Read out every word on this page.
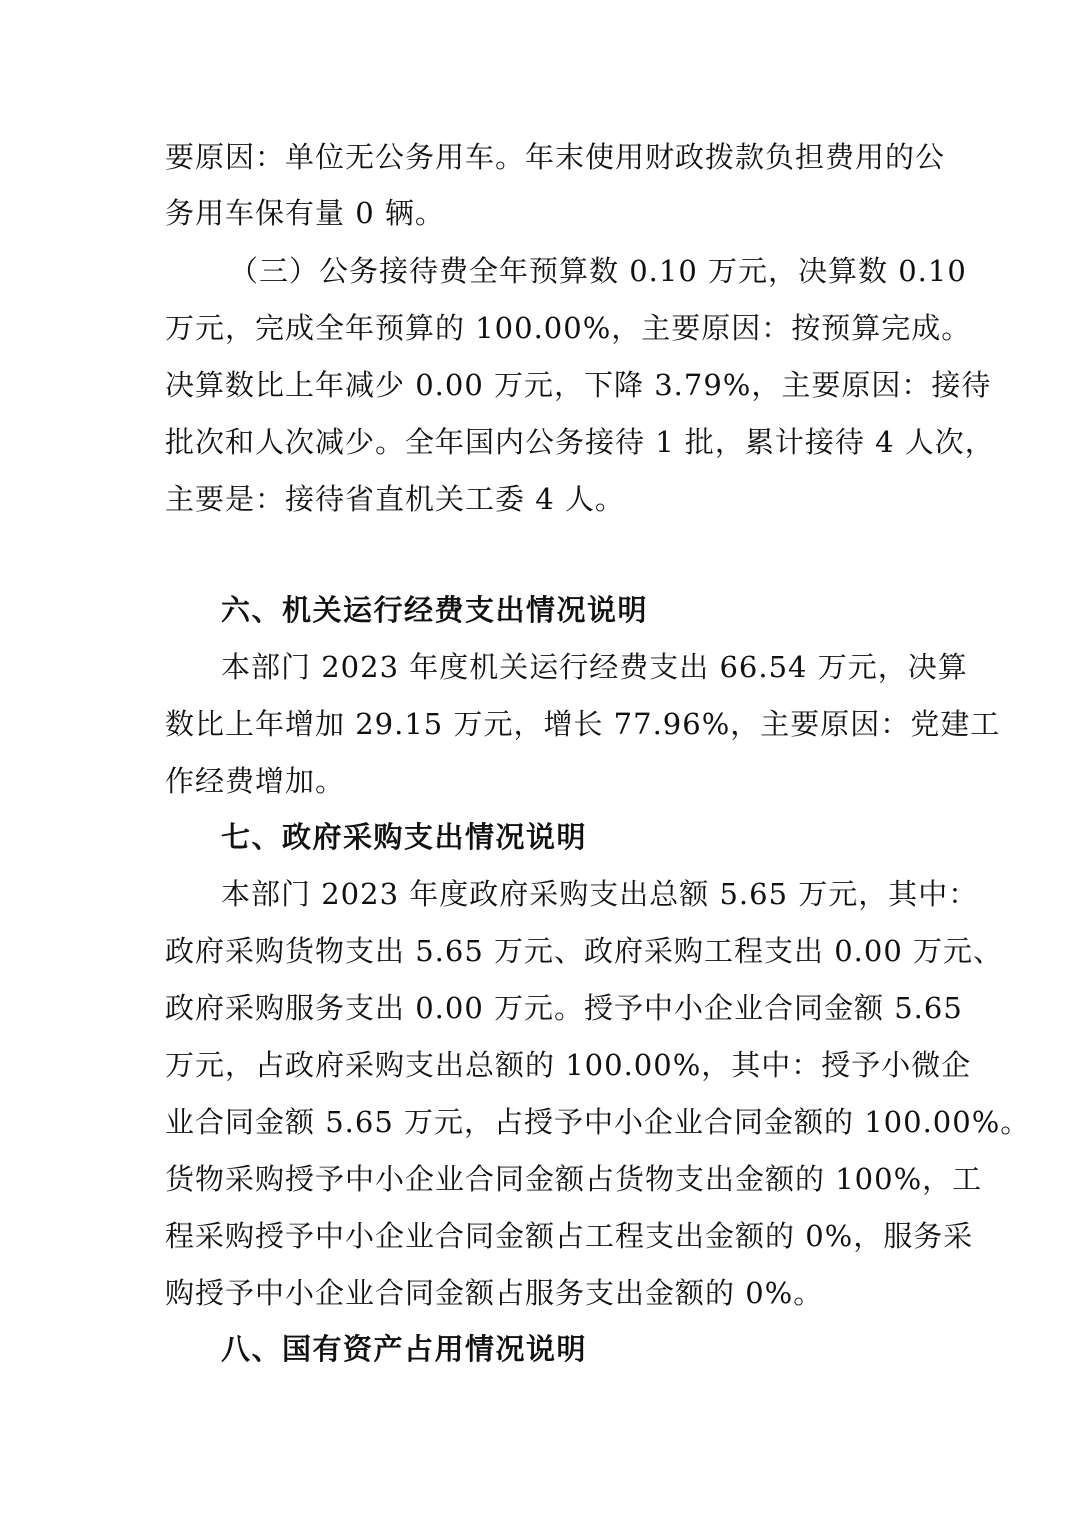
要原因：单位无公务用车。年末使用财政拨款负担费用的公
务用车保有量 0 辆。
（三）公务接待费全年预算数 0.10 万元，决算数 0.10
万元，完成全年预算的 100.00%，主要原因：按预算完成。
决算数比上年减少 0.00 万元，下降 3.79%，主要原因：接待
批次和人次减少。全年国内公务接待 1 批，累计接待 4 人次，
主要是：接待省直机关工委 4 人。
六、机关运行经费支出情况说明
本部门 2023 年度机关运行经费支出 66.54 万元，决算
数比上年增加 29.15 万元，增长 77.96%，主要原因：党建工
作经费增加。
七、政府采购支出情况说明
本部门 2023 年度政府采购支出总额 5.65 万元，其中：
政府采购货物支出 5.65 万元、政府采购工程支出 0.00 万元、
政府采购服务支出 0.00 万元。授予中小企业合同金额 5.65
万元，占政府采购支出总额的 100.00%，其中：授予小微企
业合同金额 5.65 万元，占授予中小企业合同金额的 100.00%。
货物采购授予中小企业合同金额占货物支出金额的 100%，工
程采购授予中小企业合同金额占工程支出金额的 0%，服务采
购授予中小企业合同金额占服务支出金额的 0%。
八、国有资产占用情况说明
